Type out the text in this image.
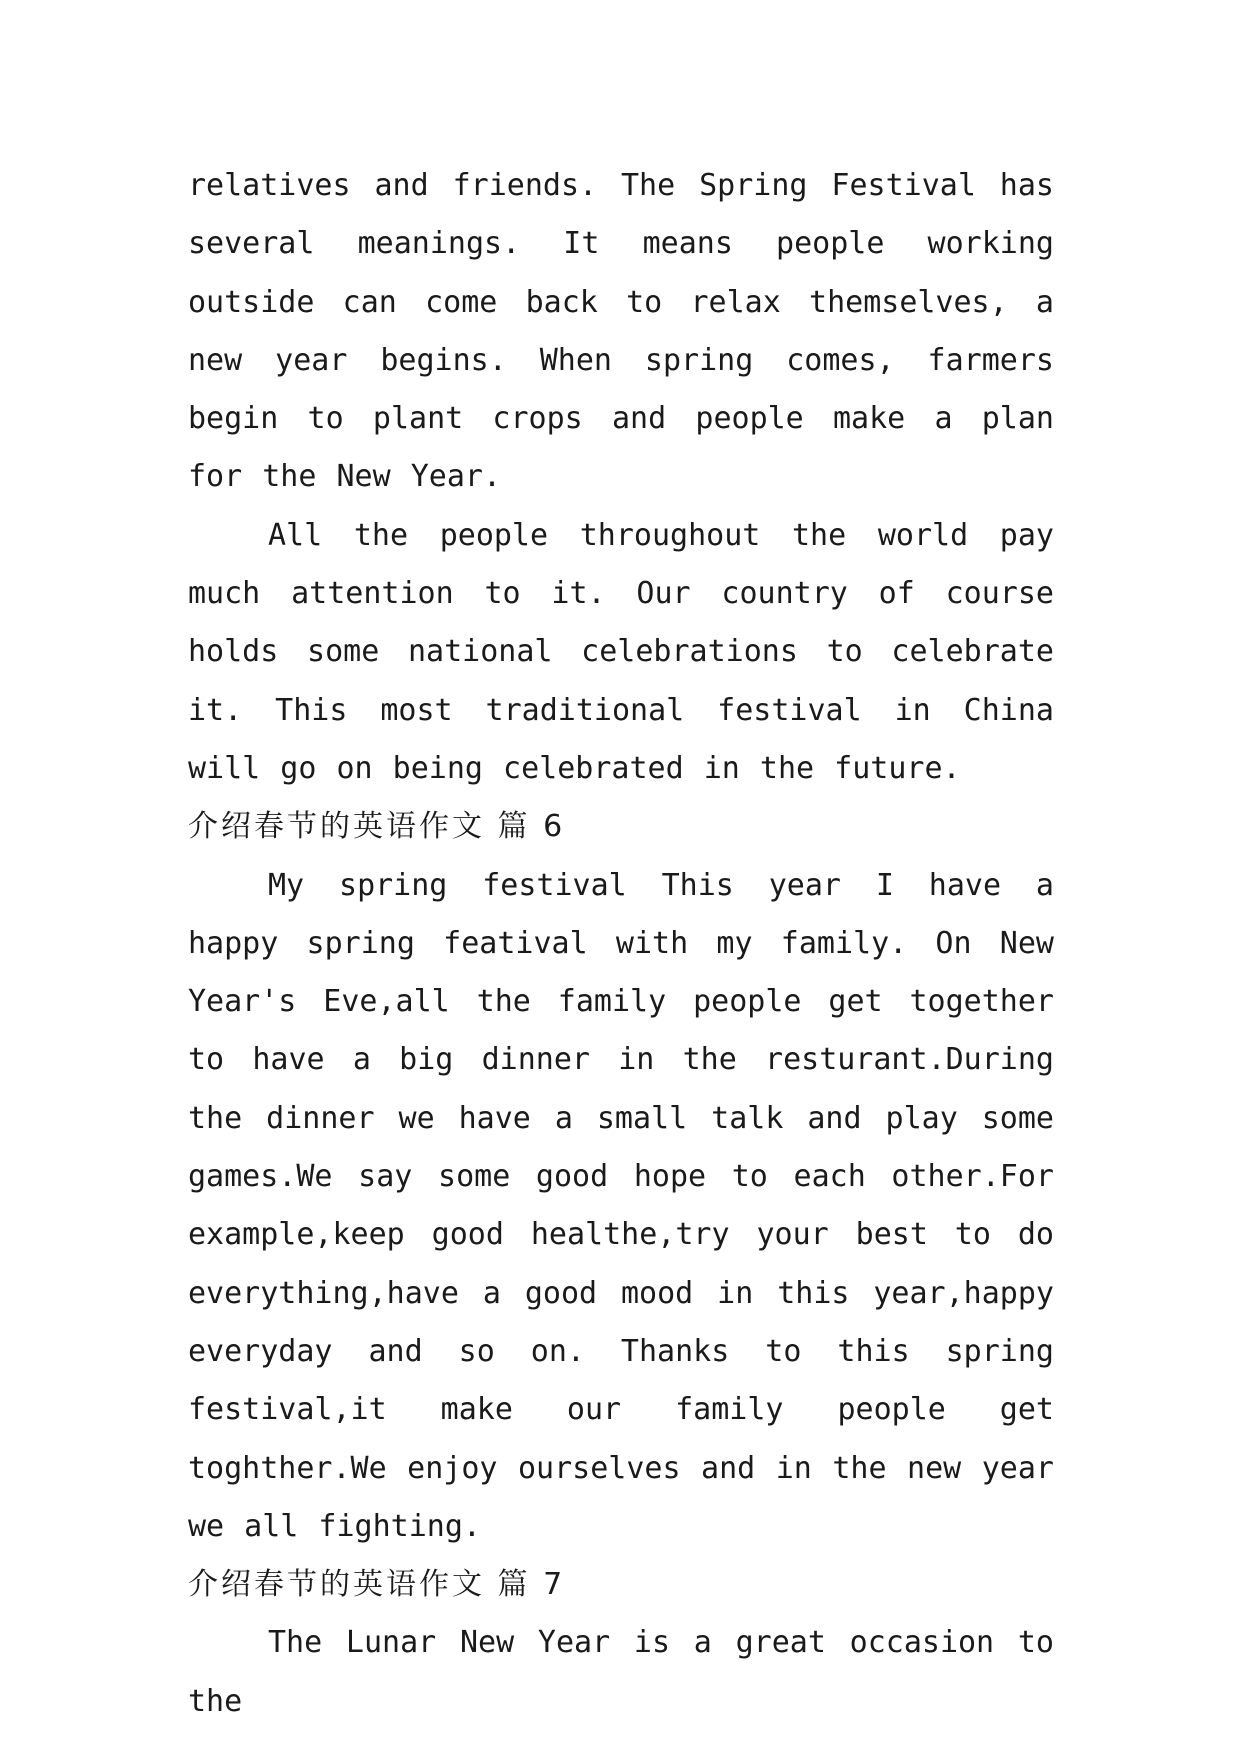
relatives and friends. The Spring Festival has several meanings. It means people working outside can come back to relax themselves, a new year begins. When spring comes, farmers begin to plant crops and people make a plan for the New Year.

All the people throughout the world pay much attention to it. Our country of course holds some national celebrations to celebrate it. This most traditional festival in China will go on being celebrated in the future.

介绍春节的英语作文 篇 6

My spring festival This year I have a happy spring featival with my family. On New Year's Eve,all the family people get together to have a big dinner in the resturant.During the dinner we have a small talk and play some games.We say some good hope to each other.For example,keep good healthe,try your best to do everything,have a good mood in this year,happy everyday and so on. Thanks to this spring festival,it make our family people get toghther.We enjoy ourselves and in the new year we all fighting.

介绍春节的英语作文 篇 7

The Lunar New Year is a great occasion to the
